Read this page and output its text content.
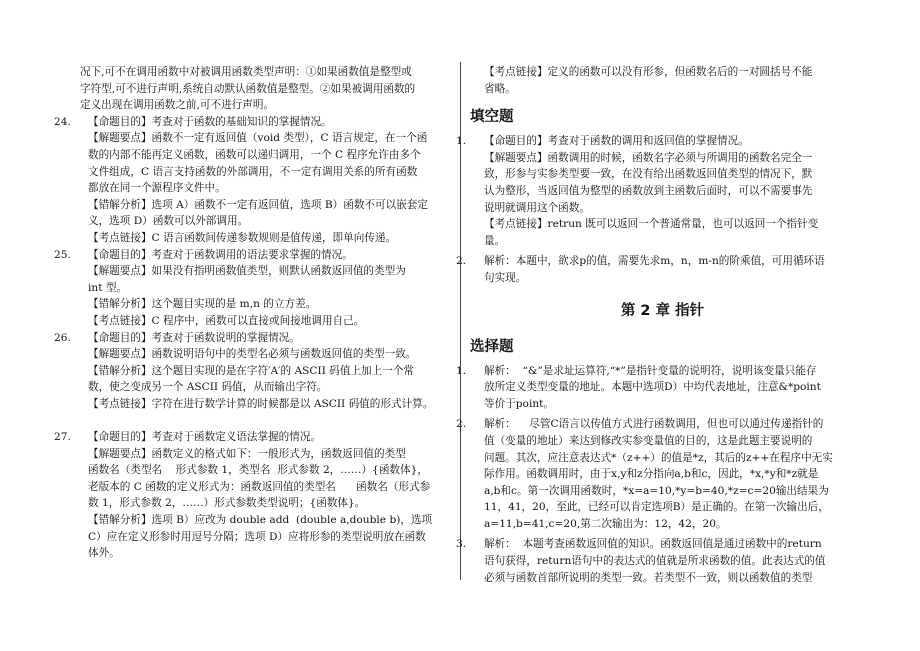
况下,可不在调用函数中对被调用函数类型声明：①如果函数值是整型或
字符型,可不进行声明,系统自动默认函数值是整型。②如果被调用函数的
定义出现在调用函数之前,可不进行声明。
24.	【命题目的】考查对于函数的基础知识的掌握情况。
【解题要点】函数不一定有返回值（void 类型），C 语言规定，在一个函
数的内部不能再定义函数，函数可以递归调用，一个 C 程序允许由多个
文件组成，C 语言支持函数的外部调用，不一定有调用关系的所有函数
都放在同一个源程序文件中。
【错解分析】选项 A）函数不一定有返回值，选项 B）函数不可以嵌套定
义，选项 D）函数可以外部调用。
【考点链接】C 语言函数间传递参数规则是值传递，即单向传递。
25.	【命题目的】考查对于函数调用的语法要求掌握的情况。
【解题要点】如果没有指明函数值类型，则默认函数返回值的类型为
int 型。
【错解分析】这个题目实现的是 m,n 的立方差。
【考点链接】C 程序中，函数可以直接或间接地调用自己。
26.	【命题目的】考查对于函数说明的掌握情况。
【解题要点】函数说明语句中的类型名必须与函数返回值的类型一致。
【错解分析】这个题目实现的是在字符′A′的 ASCII 码值上加上一个常
数，使之变成另一个 ASCII 码值，从而输出字符。
【考点链接】字符在进行数学计算的时候都是以 ASCII 码值的形式计算。
27.	【命题目的】考查对于函数定义语法掌握的情况。
【解题要点】函数定义的格式如下：一般形式为，函数返回值的类型
函数名（类型名    形式参数 1，类型名  形式参数 2，……）{函数体}，
老版本的 C 函数的定义形式为：函数返回值的类型名      函数名（形式参
数 1，形式参数 2，……）形式参数类型说明；{函数体}。
【错解分析】选项 B）应改为 double add  (double a,double b)，选项
C）应在定义形参时用逗号分隔；选项 D）应将形参的类型说明放在函数
体外。
【考点链接】定义的函数可以没有形参，但函数名后的一对圆括号不能
省略。
填空题
1.	【命题目的】考查对于函数的调用和返回值的掌握情况。
【解题要点】函数调用的时候，函数名字必须与所调用的函数名完全一
致，形参与实参类型要一致，在没有给出函数返回值类型的情况下，默
认为整形，当返回值为整型的函数放到主函数后面时，可以不需要事先
说明就调用这个函数。
【考点链接】retrun 既可以返回一个普通常量，也可以返回一个指针变
量。
2.	解析：本题中，欲求p的值，需要先求m，n，m-n的阶乘值，可用循环语
句实现。
第 2 章 指针
选择题
1.	解析：  “&”是求址运算符,“*”是指针变量的说明符，说明该变量只能存
放所定义类型变量的地址。本题中选项D）中均代表地址，注意&*point
等价于point。
2.	解析：    尽管C语言以传值方式进行函数调用，但也可以通过传递指针的
值（变量的地址）来达到修改实参变量值的目的，这是此题主要说明的
问题。其次，应注意表达式*（z++）的值是*z，其后的z++在程序中无实
际作用。函数调用时，由于x,y和z分指向a,b和c，因此，*x,*y和*z就是
a,b和c。第一次调用函数时，*x=a=10,*y=b=40,*z=c=20输出结果为
11，41，20，至此，已经可以肯定选项B）是正确的。在第一次输出后，
a=11,b=41,c=20,第二次输出为：12，42，20。
3.	解析：  本题考查函数返回值的知识。函数返回值是通过函数中的return
语句获得，return语句中的表达式的值就是所求函数的值。此表达式的值
必须与函数首部所说明的类型一致。若类型不一致，则以函数值的类型
